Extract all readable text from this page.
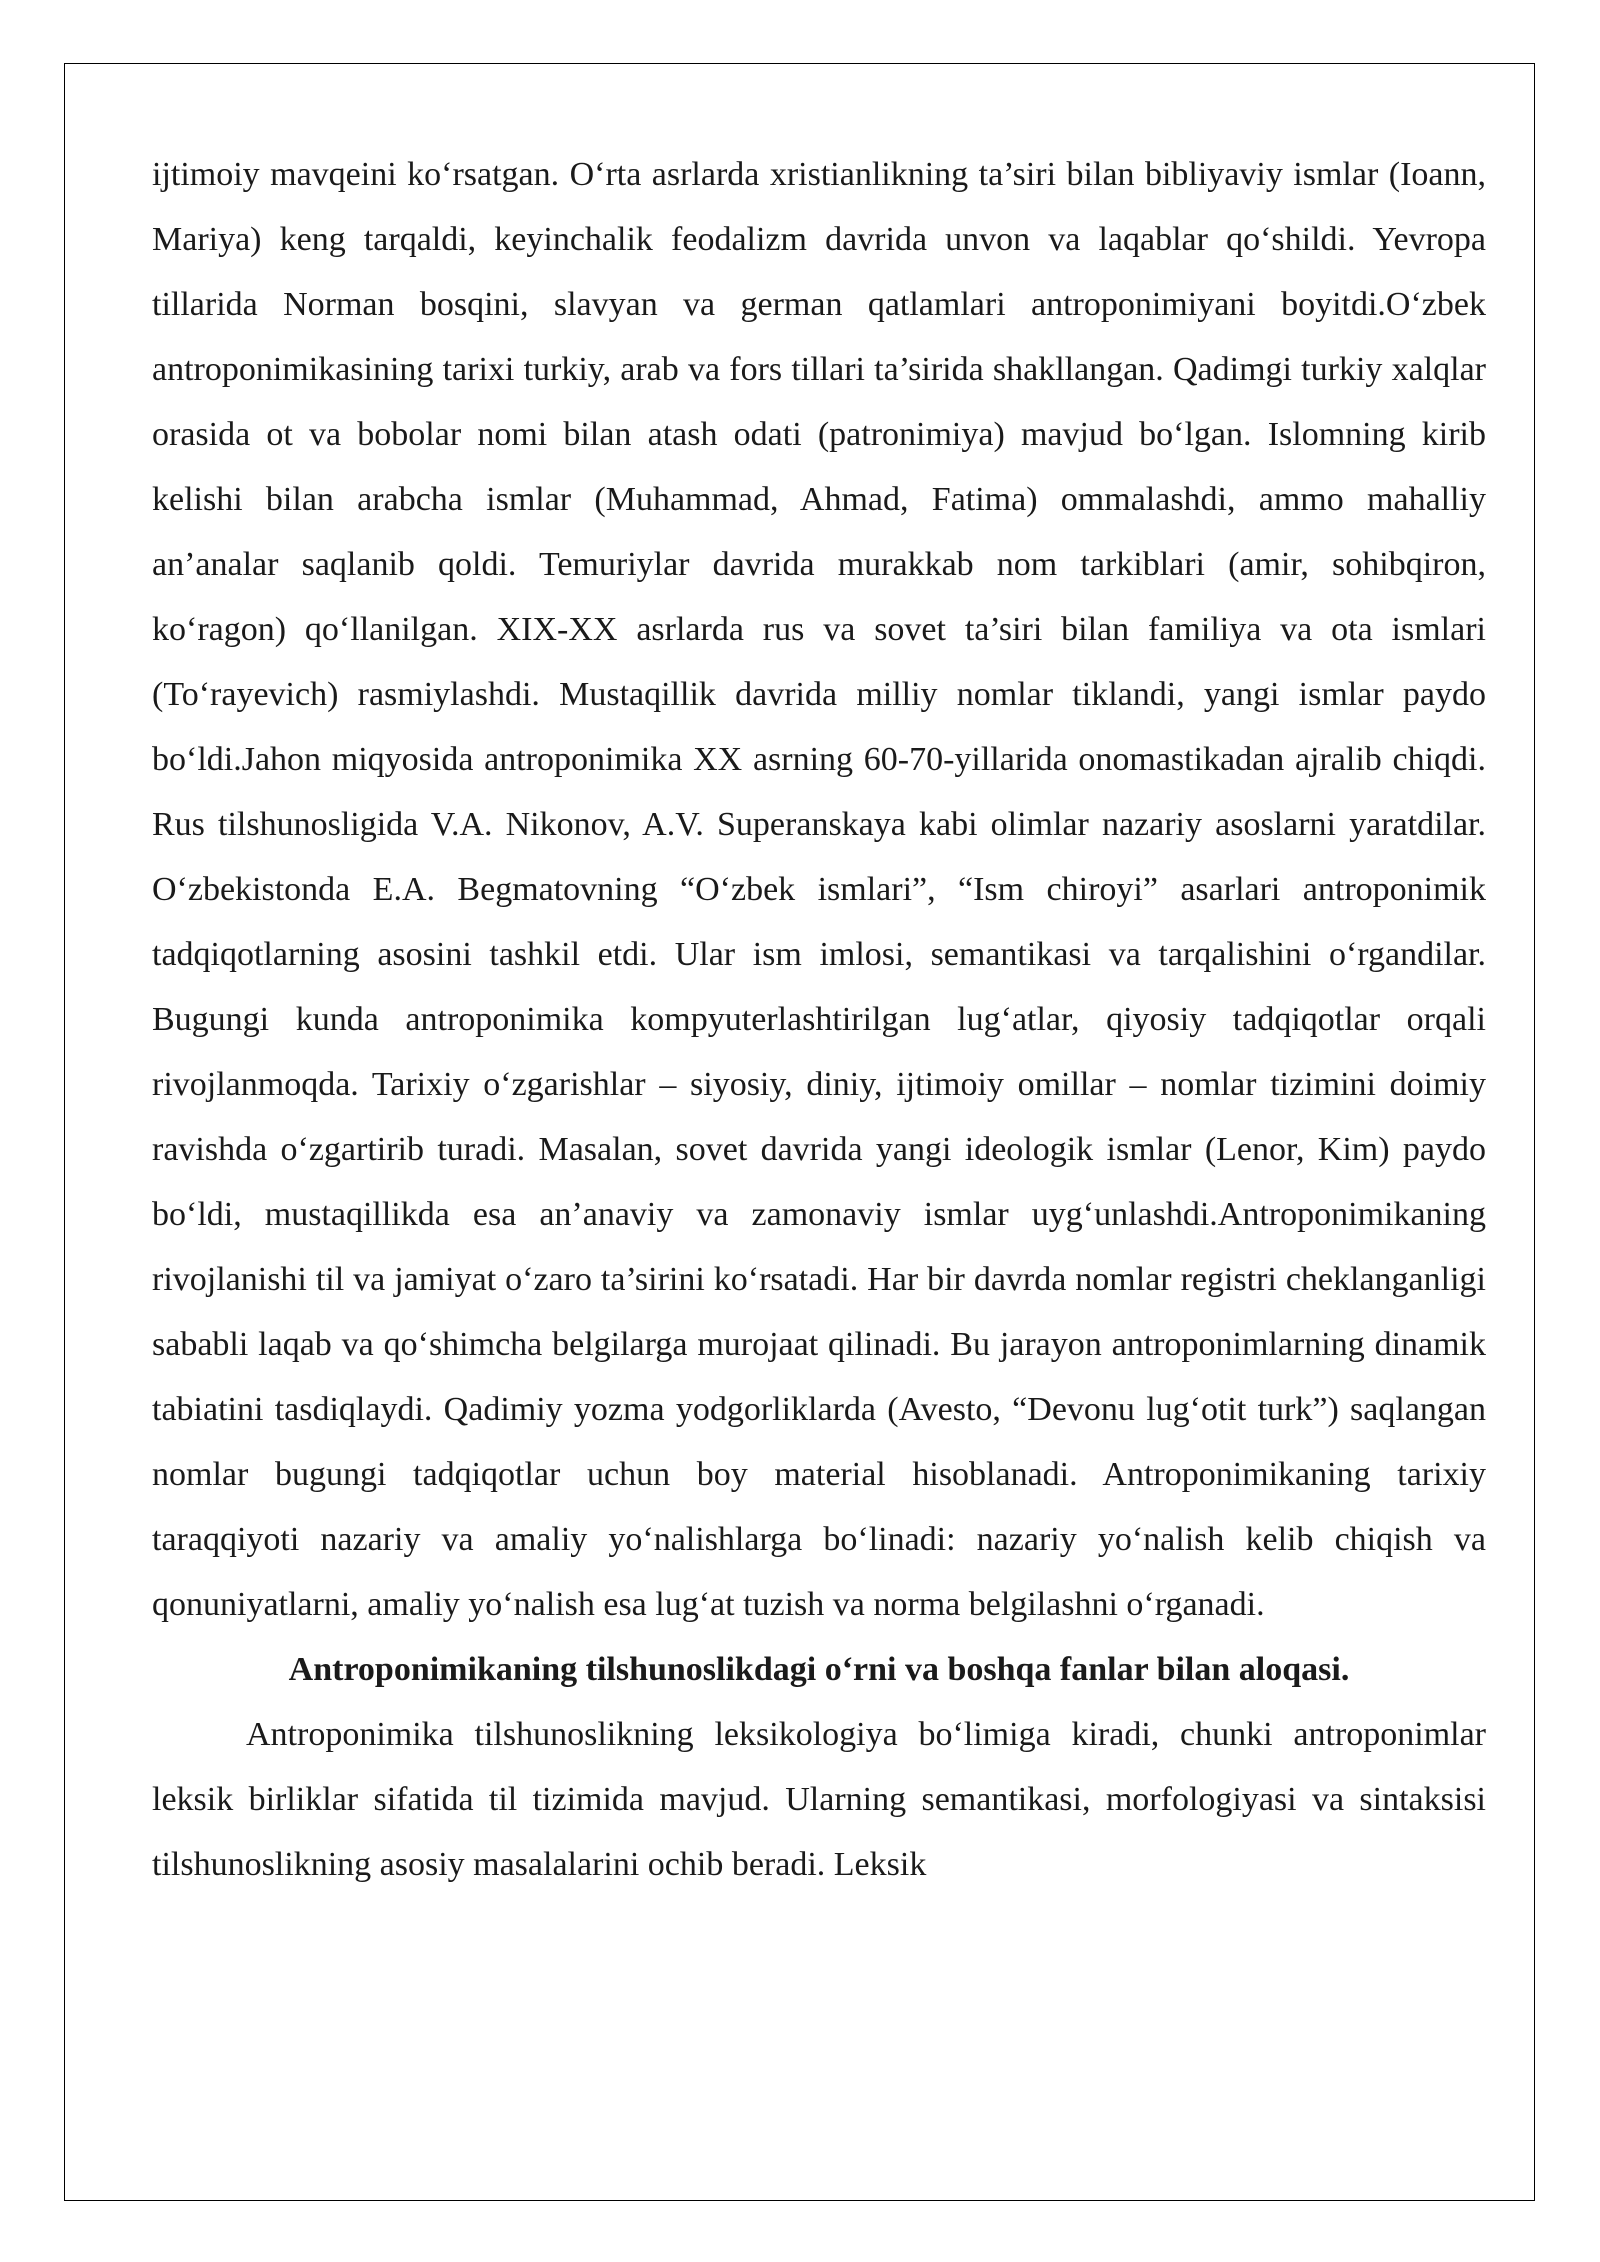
ijtimoiy mavqeini ko‘rsatgan. O‘rta asrlarda xristianlikning ta’siri bilan bibliyaviy ismlar (Ioann, Mariya) keng tarqaldi, keyinchalik feodalizm davrida unvon va laqablar qo‘shildi. Yevropa tillarida Norman bosqini, slavyan va german qatlamlari antroponimiyani boyitdi.O‘zbek antroponimikasining tarixi turkiy, arab va fors tillari ta’sirida shakllangan. Qadimgi turkiy xalqlar orasida ot va bobolar nomi bilan atash odati (patronimiya) mavjud bo‘lgan. Islomning kirib kelishi bilan arabcha ismlar (Muhammad, Ahmad, Fatima) ommalashdi, ammo mahalliy an’analar saqlanib qoldi. Temuriylar davrida murakkab nom tarkiblari (amir, sohibqiron, ko‘ragon) qo‘llanilgan. XIX-XX asrlarda rus va sovet ta’siri bilan familiya va ota ismlari (To‘rayevich) rasmiylashdi. Mustaqillik davrida milliy nomlar tiklandi, yangi ismlar paydo bo‘ldi.Jahon miqyosida antroponimika XX asrning 60-70-yillarida onomastikadan ajralib chiqdi. Rus tilshunosligida V.A. Nikonov, A.V. Superanskaya kabi olimlar nazariy asoslarni yaratdilar. O‘zbekistonda E.A. Begmatovning “O‘zbek ismlari”, “Ism chiroyi” asarlari antroponimik tadqiqotlarning asosini tashkil etdi. Ular ism imlosi, semantikasi va tarqalishini o‘rgandilar. Bugungi kunda antroponimika kompyuterlashtirilgan lug‘atlar, qiyosiy tadqiqotlar orqali rivojlanmoqda. Tarixiy o‘zgarishlar – siyosiy, diniy, ijtimoiy omillar – nomlar tizimini doimiy ravishda o‘zgartirib turadi. Masalan, sovet davrida yangi ideologik ismlar (Lenor, Kim) paydo bo‘ldi, mustaqillikda esa an’anaviy va zamonaviy ismlar uyg‘unlashdi.Antroponimikaning rivojlanishi til va jamiyat o‘zaro ta’sirini ko‘rsatadi. Har bir davrda nomlar registri cheklanganligi sababli laqab va qo‘shimcha belgilarga murojaat qilinadi. Bu jarayon antroponimlarning dinamik tabiatini tasdiqlaydi. Qadimiy yozma yodgorliklarda (Avesto, “Devonu lug‘otit turk”) saqlangan nomlar bugungi tadqiqotlar uchun boy material hisoblanadi. Antroponimikaning tarixiy taraqqiyoti nazariy va amaliy yo‘nalishlarga bo‘linadi: nazariy yo‘nalish kelib chiqish va qonuniyatlarni, amaliy yo‘nalish esa lug‘at tuzish va norma belgilashni o‘rganadi.

Antroponimikaning tilshunoslikdagi o‘rni va boshqa fanlar bilan aloqasi.

Antroponimika tilshunoslikning leksikologiya bo‘limiga kiradi, chunki antroponimlar leksik birliklar sifatida til tizimida mavjud. Ularning semantikasi, morfologiyasi va sintaksisi tilshunoslikning asosiy masalalarini ochib beradi. Leksik
